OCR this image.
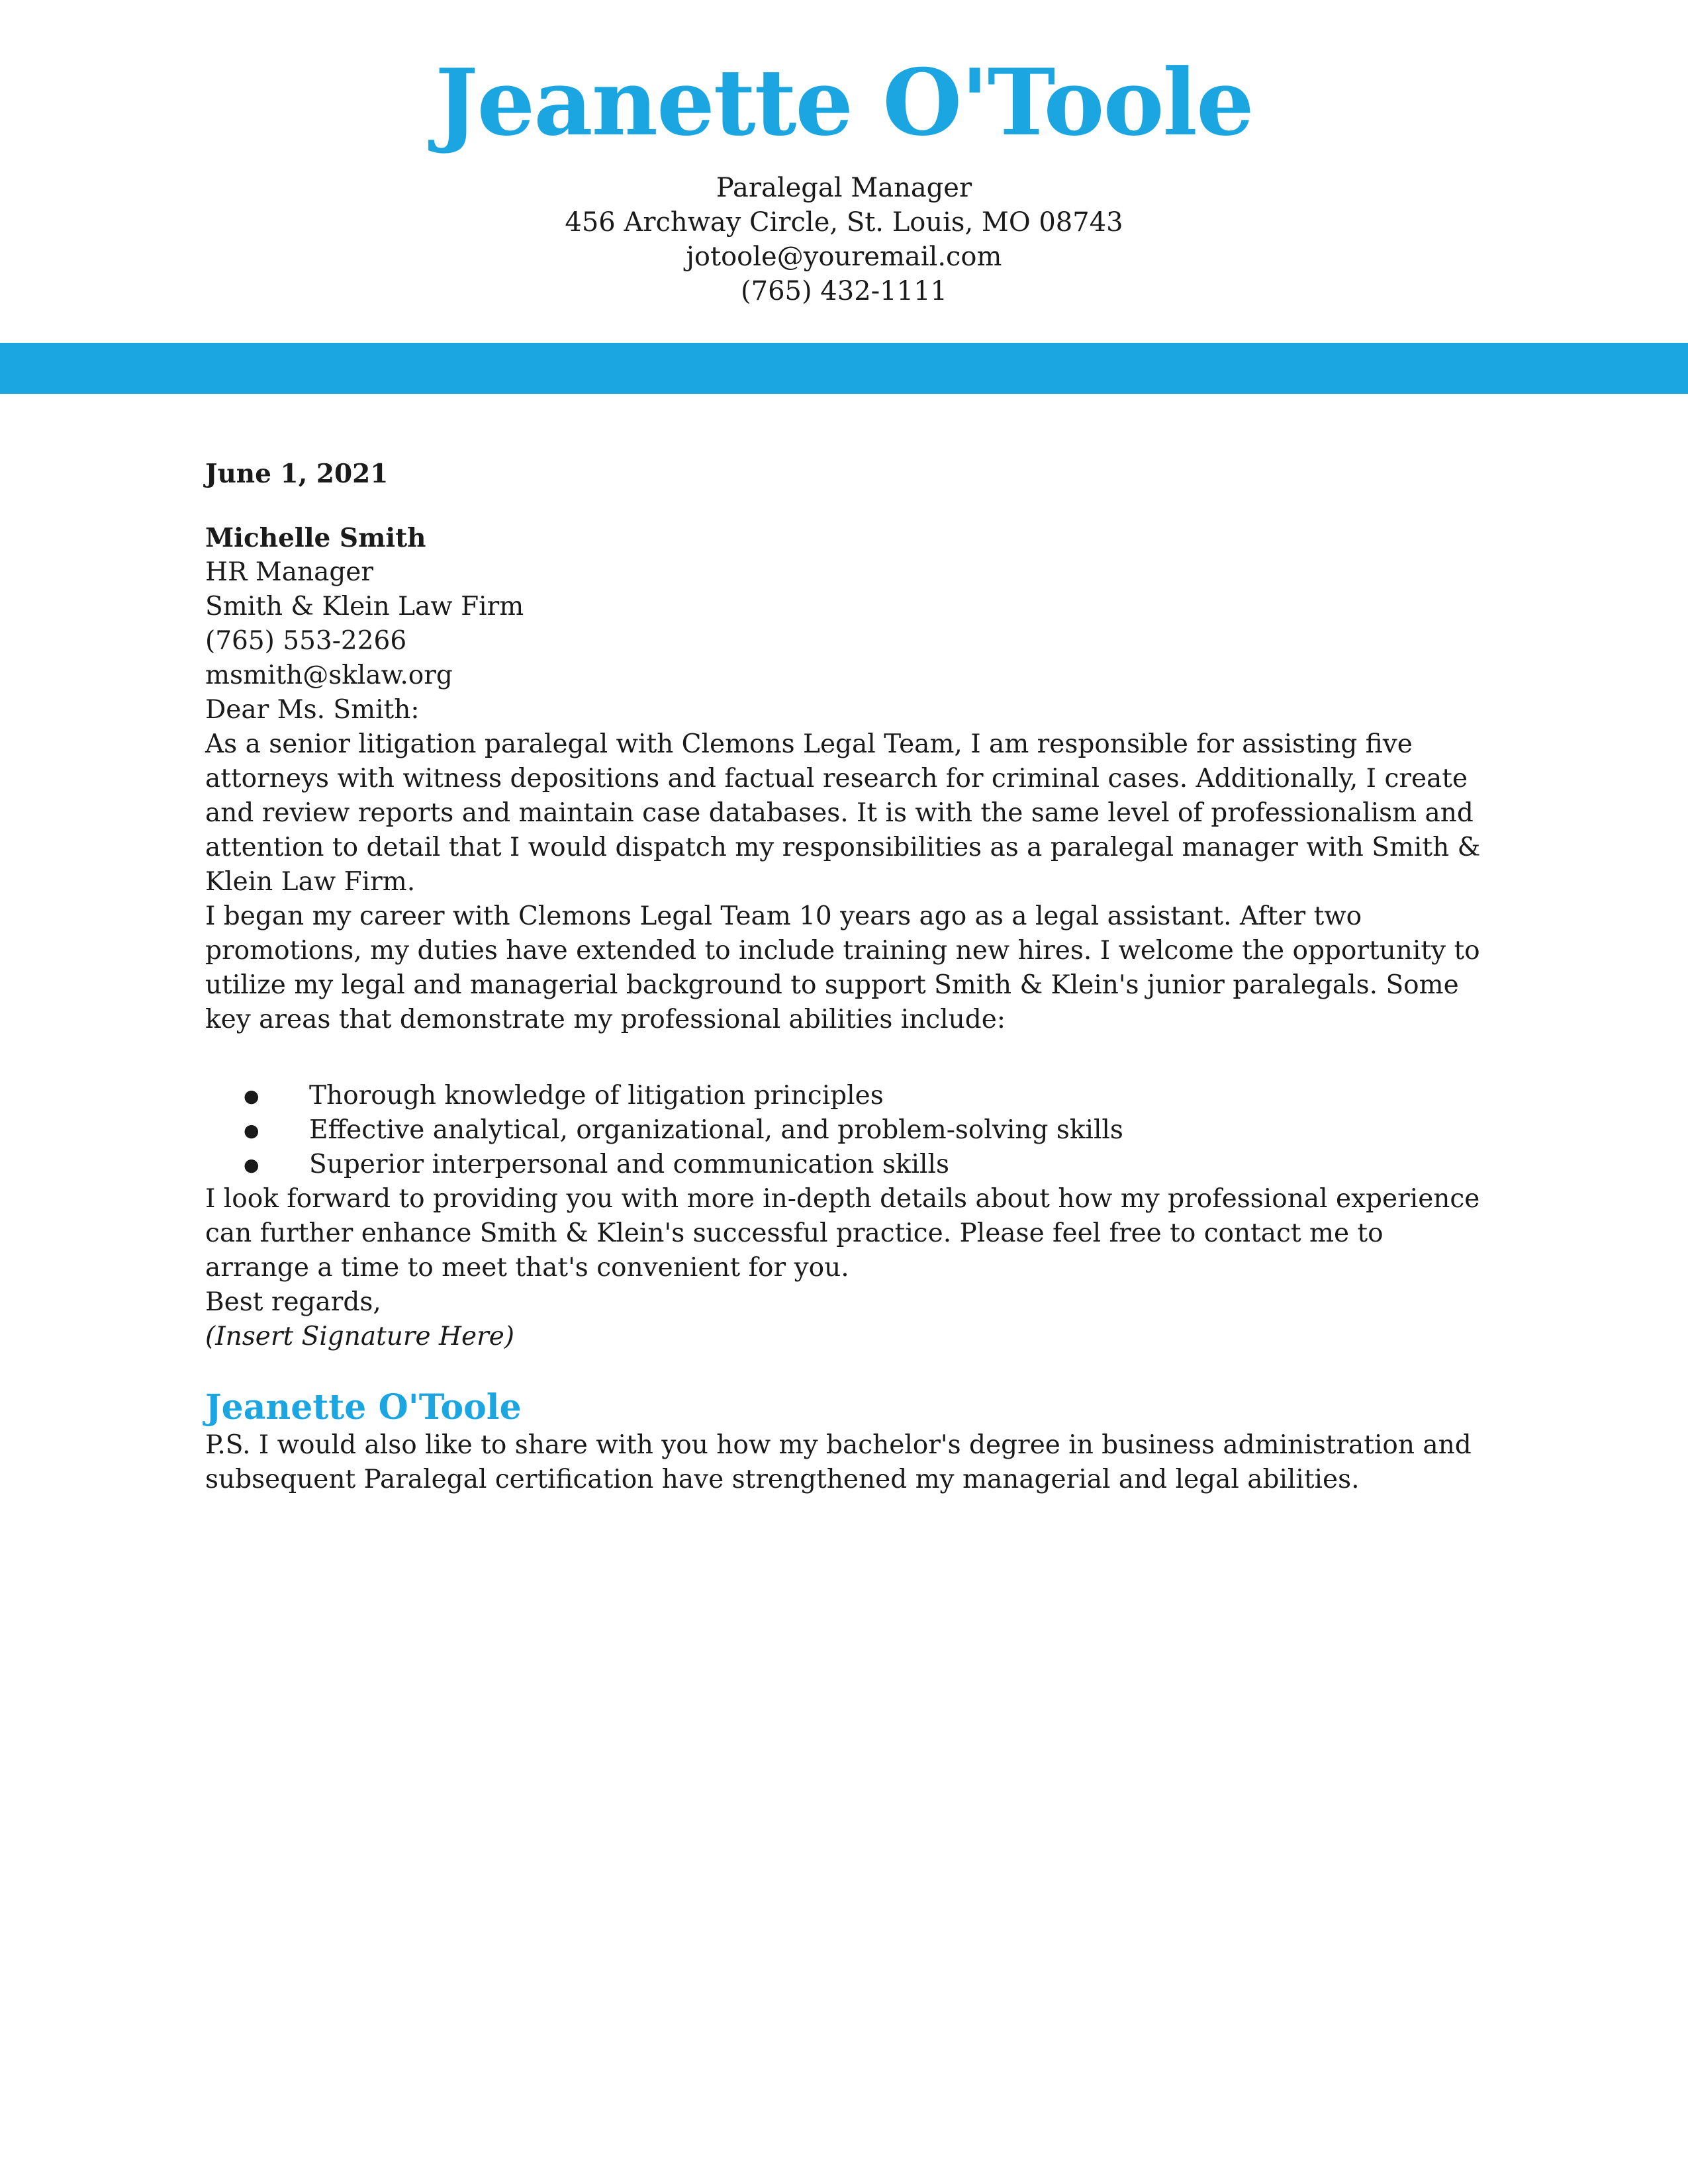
Jeanette O'Toole
Paralegal Manager
456 Archway Circle, St. Louis, MO 08743
jotoole@youremail.com
(765) 432-1111

June 1, 2021

Michelle Smith
HR Manager
Smith & Klein Law Firm
(765) 553-2266
msmith@sklaw.org

Dear Ms. Smith:

As a senior litigation paralegal with Clemons Legal Team, I am responsible for assisting five attorneys with witness depositions and factual research for criminal cases. Additionally, I create and review reports and maintain case databases. It is with the same level of professionalism and attention to detail that I would dispatch my responsibilities as a paralegal manager with Smith & Klein Law Firm.

I began my career with Clemons Legal Team 10 years ago as a legal assistant. After two promotions, my duties have extended to include training new hires. I welcome the opportunity to utilize my legal and managerial background to support Smith & Klein's junior paralegals. Some key areas that demonstrate my professional abilities include:

● Thorough knowledge of litigation principles
● Effective analytical, organizational, and problem-solving skills
● Superior interpersonal and communication skills

I look forward to providing you with more in-depth details about how my professional experience can further enhance Smith & Klein's successful practice. Please feel free to contact me to arrange a time to meet that's convenient for you.

Best regards,

(Insert Signature Here)

Jeanette O'Toole

P.S. I would also like to share with you how my bachelor's degree in business administration and subsequent Paralegal certification have strengthened my managerial and legal abilities.
